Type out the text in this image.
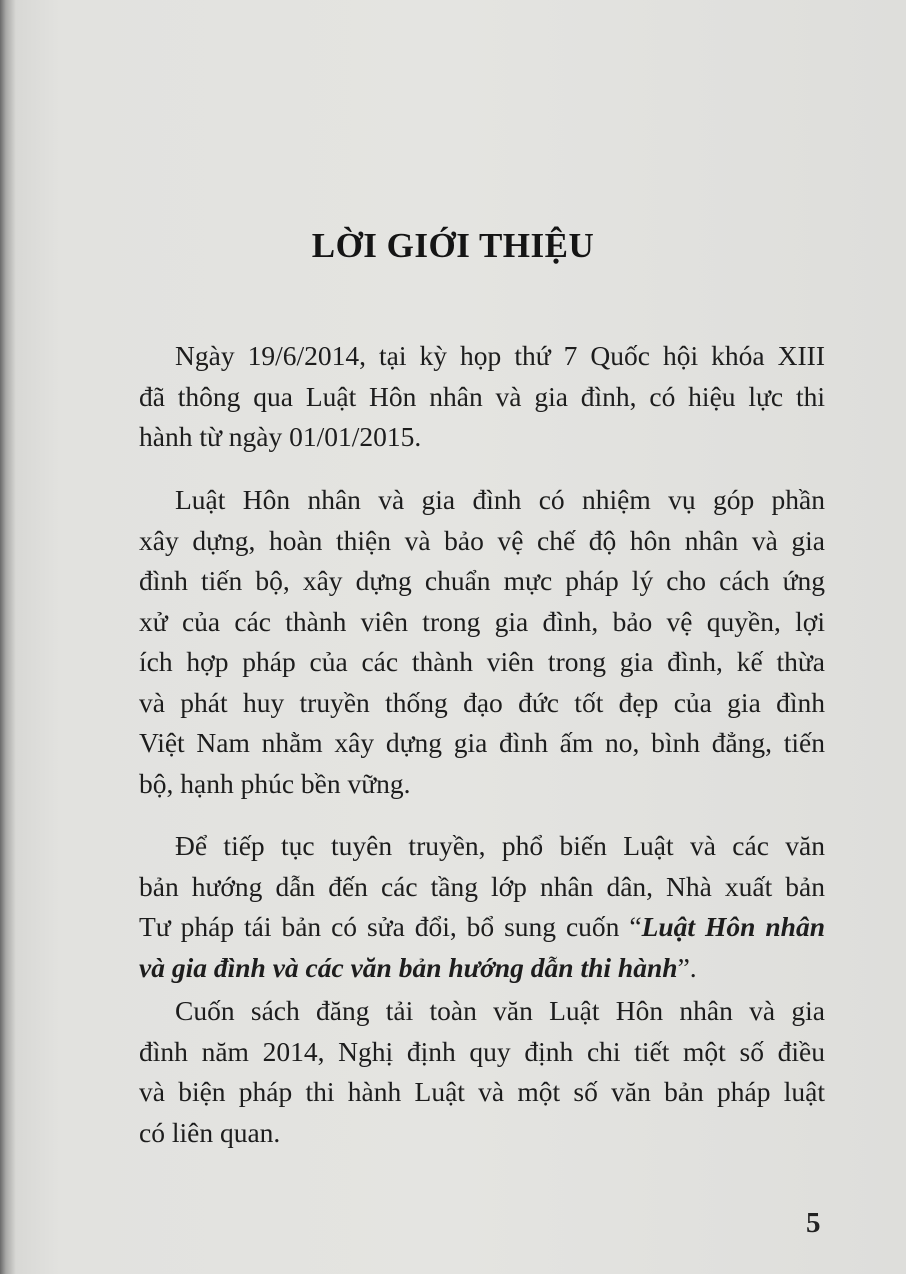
LỜI GIỚI THIỆU
Ngày 19/6/2014, tại kỳ họp thứ 7 Quốc hội khóa XIII
đã thông qua Luật Hôn nhân và gia đình, có hiệu lực thi
hành từ ngày 01/01/2015.
Luật Hôn nhân và gia đình có nhiệm vụ góp phần
xây dựng, hoàn thiện và bảo vệ chế độ hôn nhân và gia
đình tiến bộ, xây dựng chuẩn mực pháp lý cho cách ứng
xử của các thành viên trong gia đình, bảo vệ quyền, lợi
ích hợp pháp của các thành viên trong gia đình, kế thừa
và phát huy truyền thống đạo đức tốt đẹp của gia đình
Việt Nam nhằm xây dựng gia đình ấm no, bình đẳng, tiến
bộ, hạnh phúc bền vững.
Để tiếp tục tuyên truyền, phổ biến Luật và các văn
bản hướng dẫn đến các tầng lớp nhân dân, Nhà xuất bản
Tư pháp tái bản có sửa đổi, bổ sung cuốn “Luật Hôn nhân
và gia đình và các văn bản hướng dẫn thi hành”.
Cuốn sách đăng tải toàn văn Luật Hôn nhân và gia
đình năm 2014, Nghị định quy định chi tiết một số điều
và biện pháp thi hành Luật và một số văn bản pháp luật
có liên quan.
5
